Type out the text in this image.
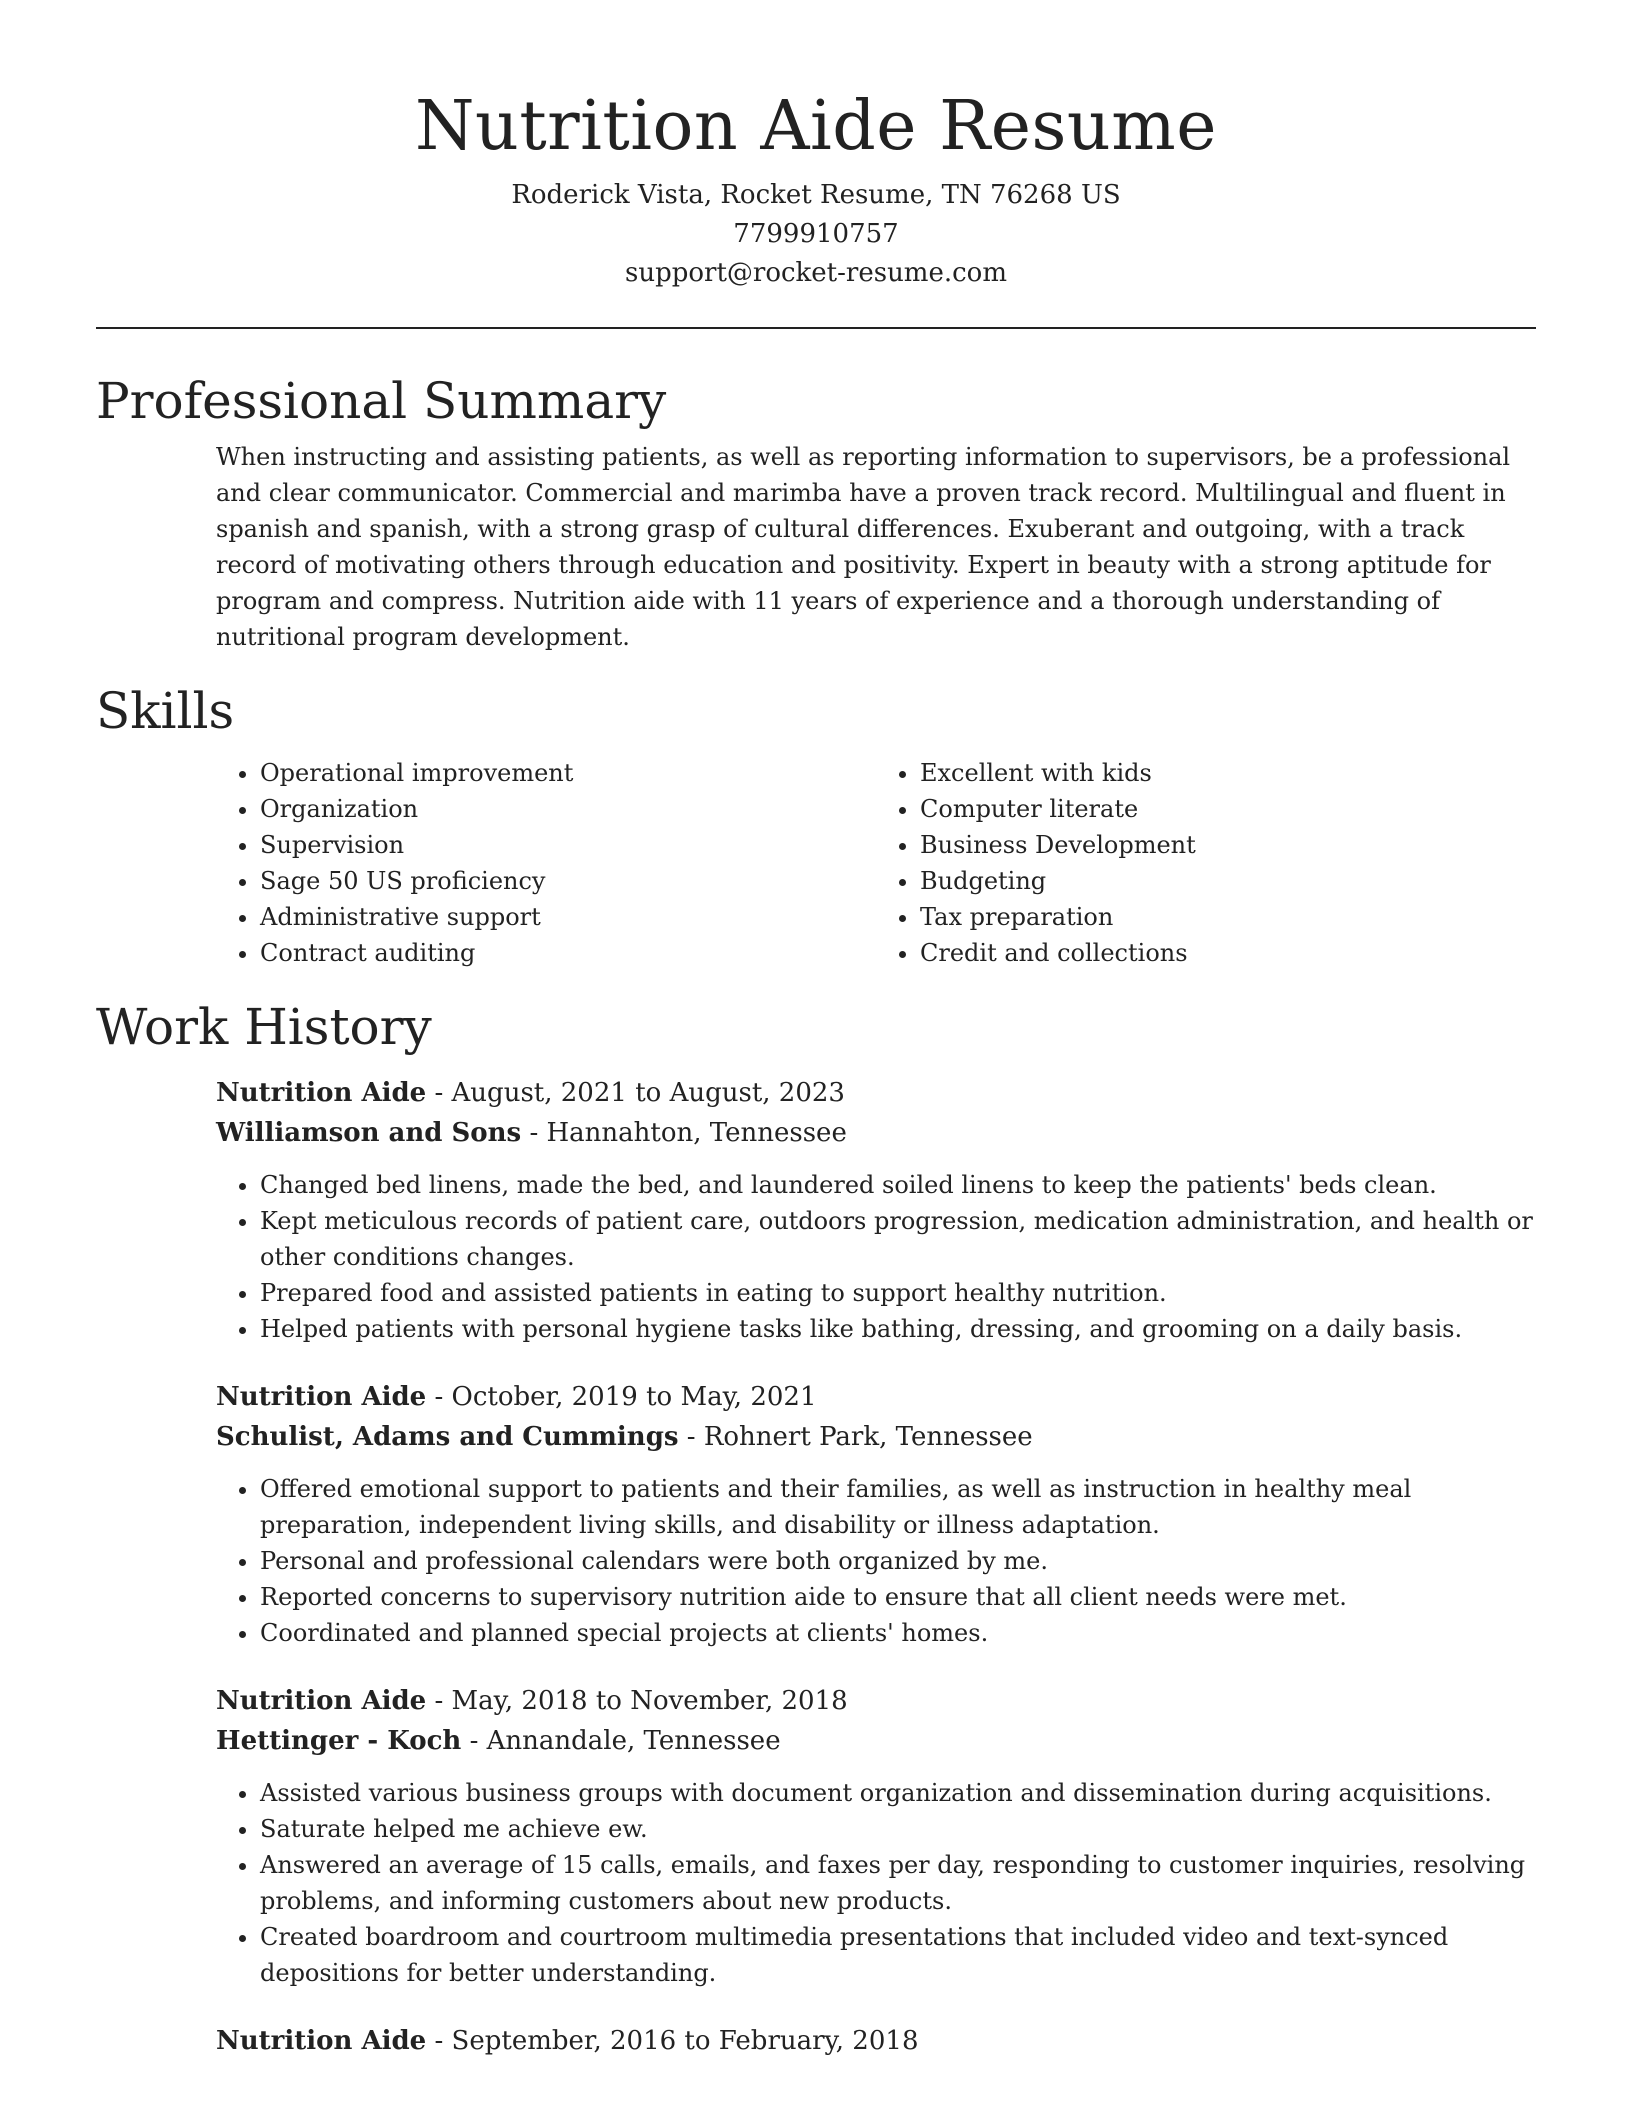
Nutrition Aide Resume

Roderick Vista, Rocket Resume, TN 76268 US

7799910757

support@rocket-resume.com

Professional Summary

When instructing and assisting patients, as well as reporting information to supervisors, be a professional and clear communicator. Commercial and marimba have a proven track record. Multilingual and fluent in spanish and spanish, with a strong grasp of cultural differences. Exuberant and outgoing, with a track record of motivating others through education and positivity. Expert in beauty with a strong aptitude for program and compress. Nutrition aide with 11 years of experience and a thorough understanding of nutritional program development.

Skills
• Operational improvement
• Organization
• Supervision
• Sage 50 US proficiency
• Administrative support
• Contract auditing
• Excellent with kids
• Computer literate
• Business Development
• Budgeting
• Tax preparation
• Credit and collections
Work History

Nutrition Aide - August, 2021 to August, 2023

Williamson and Sons - Hannahton, Tennessee

• Changed bed linens, made the bed, and laundered soiled linens to keep the patients' beds clean.
• Kept meticulous records of patient care, outdoors progression, medication administration, and health or other conditions changes.
• Prepared food and assisted patients in eating to support healthy nutrition.
• Helped patients with personal hygiene tasks like bathing, dressing, and grooming on a daily basis.

Nutrition Aide - October, 2019 to May, 2021

Schulist, Adams and Cummings - Rohnert Park, Tennessee

• Offered emotional support to patients and their families, as well as instruction in healthy meal preparation, independent living skills, and disability or illness adaptation.
• Personal and professional calendars were both organized by me.
• Reported concerns to supervisory nutrition aide to ensure that all client needs were met.
• Coordinated and planned special projects at clients' homes.

Nutrition Aide - May, 2018 to November, 2018

Hettinger - Koch - Annandale, Tennessee

• Assisted various business groups with document organization and dissemination during acquisitions.
• Saturate helped me achieve ew.
• Answered an average of 15 calls, emails, and faxes per day, responding to customer inquiries, resolving problems, and informing customers about new products.
• Created boardroom and courtroom multimedia presentations that included video and text-synced depositions for better understanding.

Nutrition Aide - September, 2016 to February, 2018
